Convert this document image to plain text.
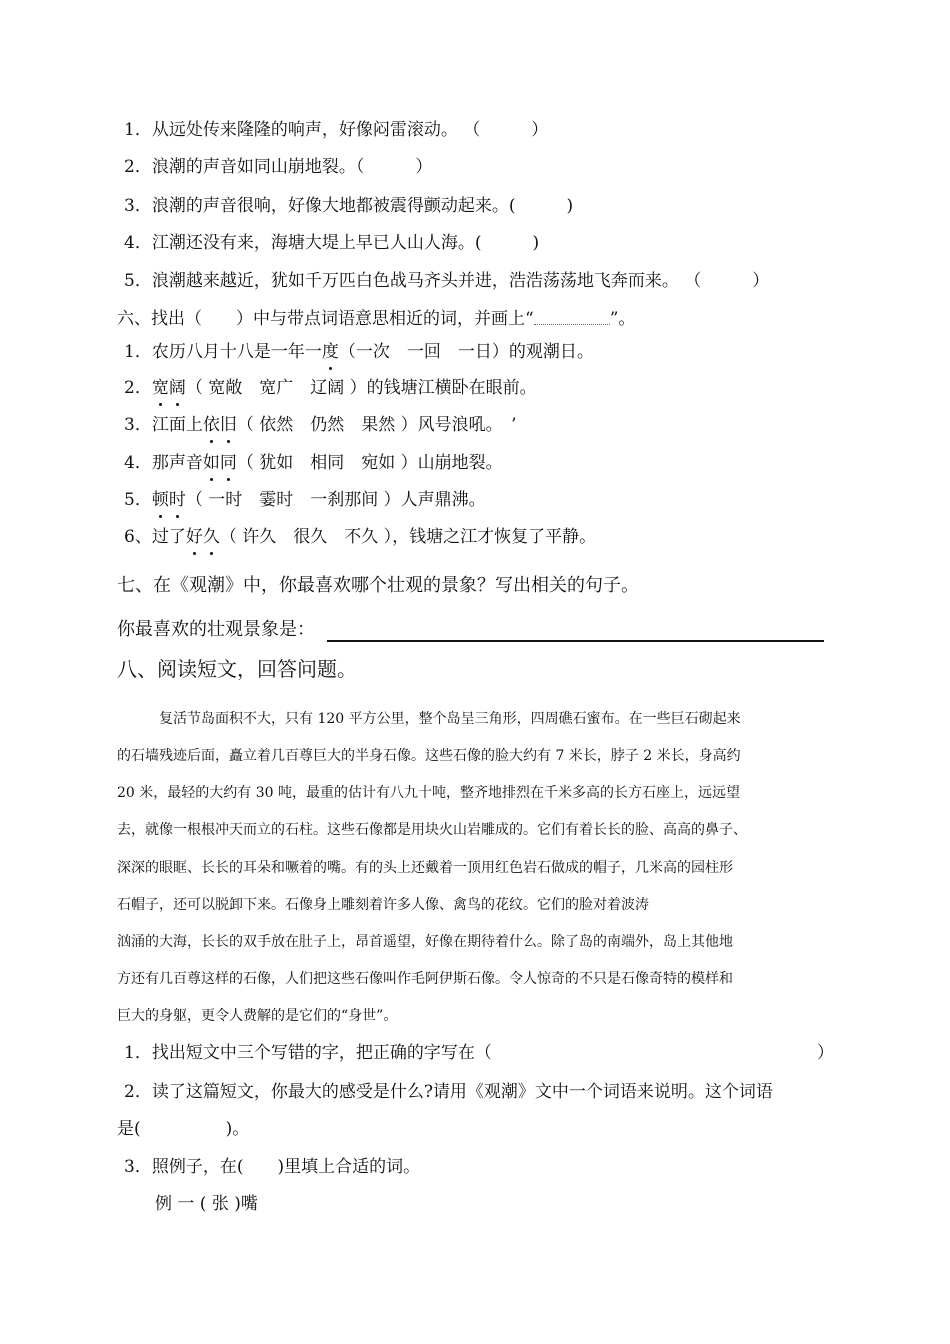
1．从远处传来隆隆的响声，好像闷雷滚动。 （　　　）
2．浪潮的声音如同山崩地裂。（　　　）
3．浪潮的声音很响，好像大地都被震得颤动起来。(　　　)
4．江潮还没有来，海塘大堤上早已人山人海。(　　　)
5．浪潮越来越近，犹如千万匹白色战马齐头并进，浩浩荡荡地飞奔而来。 （　　　）
六、找出（　　）中与带点词语意思相近的词，并画上“	”。
1．农历八月十八是一年一度（一次　一回　一日）的观潮日。
2．宽阔（ 宽敞　宽广　辽阔 ）的钱塘江横卧在眼前。
3．江面上依旧（ 依然　仍然　果然 ）风号浪吼。　’
4．那声音如同（ 犹如　相同　宛如 ）山崩地裂。
5．顿时（ 一时　霎时　一刹那间 ）人声鼎沸。
6、过了好久（ 许久　很久　不久 ），钱塘之江才恢复了平静。
七、在《观潮》中，你最喜欢哪个壮观的景象？写出相关的句子。
你最喜欢的壮观景象是：
八、阅读短文，回答问题。
复活节岛面积不大，只有 120 平方公里，整个岛呈三角形，四周礁石蜜布。在一些巨石砌起来
的石墙残迹后面，矗立着几百尊巨大的半身石像。这些石像的脸大约有 7 米长，脖子 2 米长，身高约
20 米，最轻的大约有 30 吨，最重的估计有八九十吨，整齐地排烈在千米多高的长方石座上，远远望
去，就像一根根冲天而立的石柱。这些石像都是用块火山岩雕成的。它们有着长长的脸、高高的鼻子、
深深的眼眶、长长的耳朵和噘着的嘴。有的头上还戴着一顶用红色岩石做成的帽子，几米高的园柱形
石帽子，还可以脱卸下来。石像身上雕刻着许多人像、禽鸟的花纹。它们的脸对着波涛
汹涌的大海，长长的双手放在肚子上，昂首遥望，好像在期待着什么。除了岛的南端外，岛上其他地
方还有几百尊这样的石像，人们把这些石像叫作毛阿伊斯石像。令人惊奇的不只是石像奇特的模样和
巨大的身躯，更令人费解的是它们的“身世”。
1．找出短文中三个写错的字，把正确的字写在（	）
2．读了这篇短文，你最大的感受是什么?请用《观潮》文中一个词语来说明。这个词语
是(　　　　　)。
3．照例子，在(　　)里填上合适的词。
例 一 ( 张 )嘴
